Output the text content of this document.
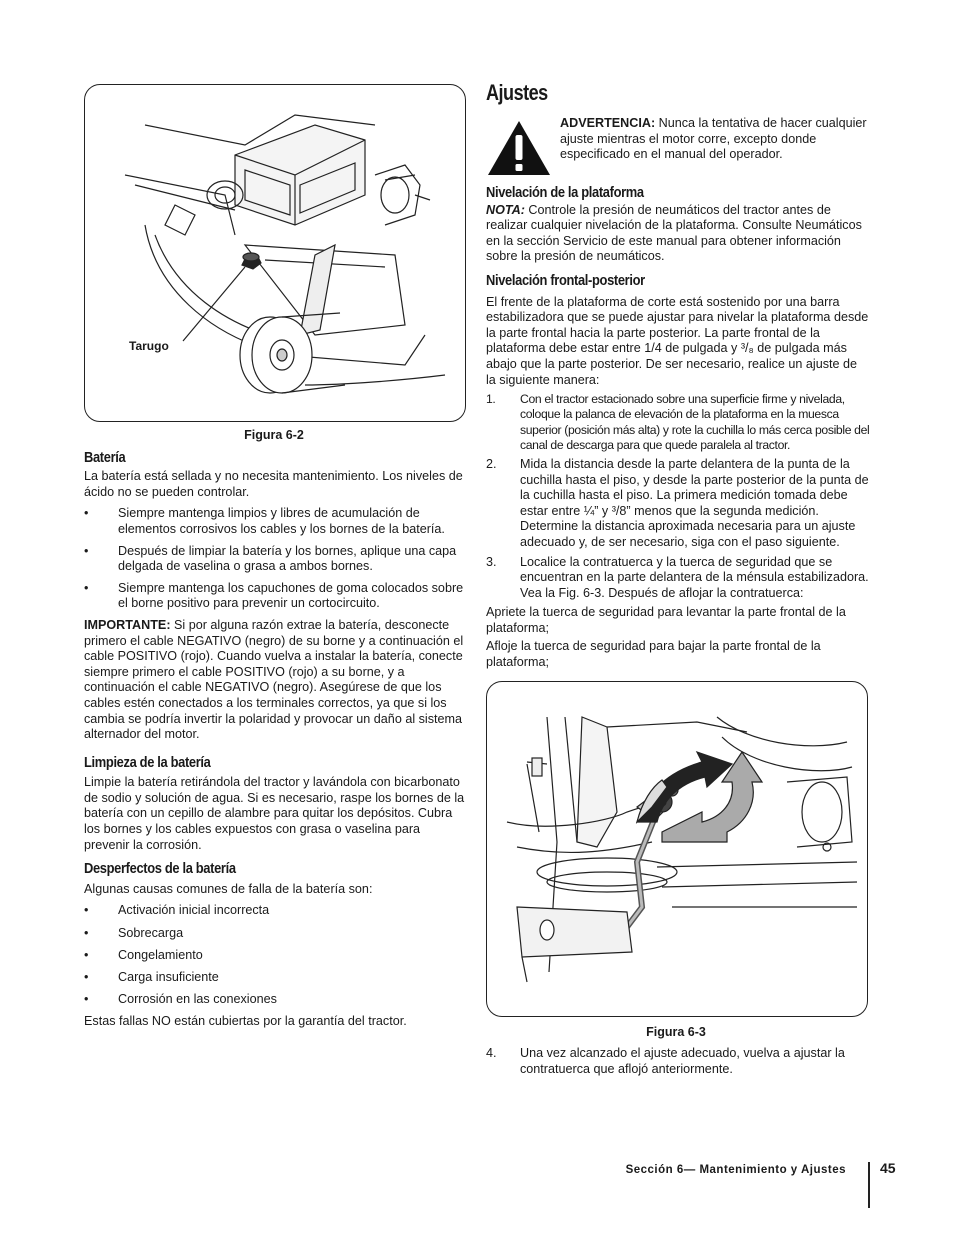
Tarugo
Figura 6-2
Batería

La batería está sellada y no necesita mantenimiento. Los niveles de ácido no se pueden controlar.

• Siempre mantenga limpios y libres de acumulación de elementos corrosivos los cables y los bornes de la batería.
• Después de limpiar la batería y los bornes, aplique una capa delgada de vaselina o grasa a ambos bornes.
• Siempre mantenga los capuchones de goma colocados sobre el borne positivo para prevenir un cortocircuito.

IMPORTANTE: Si por alguna razón extrae la batería, desconecte primero el cable NEGATIVO (negro) de su borne y a continuación el cable POSITIVO (rojo). Cuando vuelva a instalar la batería, conecte siempre primero el cable POSITIVO (rojo) a su borne, y a continuación el cable NEGATIVO (negro). Asegúrese de que los cables estén conectados a los terminales correctos, ya que si los cambia se podría invertir la polaridad y provocar un daño al sistema alternador del motor.

Limpieza de la batería

Limpie la batería retirándola del tractor y lavándola con bicarbonato de sodio y solución de agua. Si es necesario, raspe los bornes de la batería con un cepillo de alambre para quitar los depósitos. Cubra los bornes y los cables expuestos con grasa o vaselina para prevenir la corrosión.

Desperfectos de la batería

Algunas causas comunes de falla de la batería son:

• Activación inicial incorrecta
• Sobrecarga
• Congelamiento
• Carga insuficiente
• Corrosión en las conexiones

Estas fallas NO están cubiertas por la garantía del tractor.

Ajustes
ADVERTENCIA: Nunca la tentativa de hacer cualquier ajuste mientras el motor corre, excepto donde especificado en el manual del operador.
Nivelación de la plataforma

NOTA: Controle la presión de neumáticos del tractor antes de realizar cualquier nivelación de la plataforma. Consulte Neumáticos en la sección Servicio de este manual para obtener información sobre la presión de neumáticos.

Nivelación frontal-posterior

El frente de la plataforma de corte está sostenido por una barra estabilizadora que se puede ajustar para nivelar la plataforma desde la parte frontal hacia la parte posterior. La parte frontal de la plataforma debe estar entre 1/4 de pulgada y ³/₈ de pulgada más abajo que la parte posterior. De ser necesario, realice un ajuste de la siguiente manera:

1. Con el tractor estacionado sobre una superficie firme y nivelada, coloque la palanca de elevación de la plataforma en la muesca superior (posición más alta) y rote la cuchilla lo más cerca posible del canal de descarga para que quede paralela al tractor.
2. Mida la distancia desde la parte delantera de la punta de la cuchilla hasta el piso, y desde la parte posterior de la punta de la cuchilla hasta el piso. La primera medición tomada debe estar entre ¼” y ³/8” menos que la segunda medición. Determine la distancia aproximada necesaria para un ajuste adecuado y, de ser necesario, siga con el paso siguiente.
3. Localice la contratuerca y la tuerca de seguridad que se encuentran en la parte delantera de la ménsula estabilizadora. Vea la Fig. 6-3. Después de aflojar la contratuerca:

Apriete la tuerca de seguridad para levantar la parte frontal de la plataforma;

Afloje la tuerca de seguridad para bajar la parte frontal de la plataforma;

Figura 6-3
4. Una vez alcanzado el ajuste adecuado, vuelva a ajustar la contratuerca que aflojó anteriormente.
Sección 6— Mantenimiento y Ajustes 45
